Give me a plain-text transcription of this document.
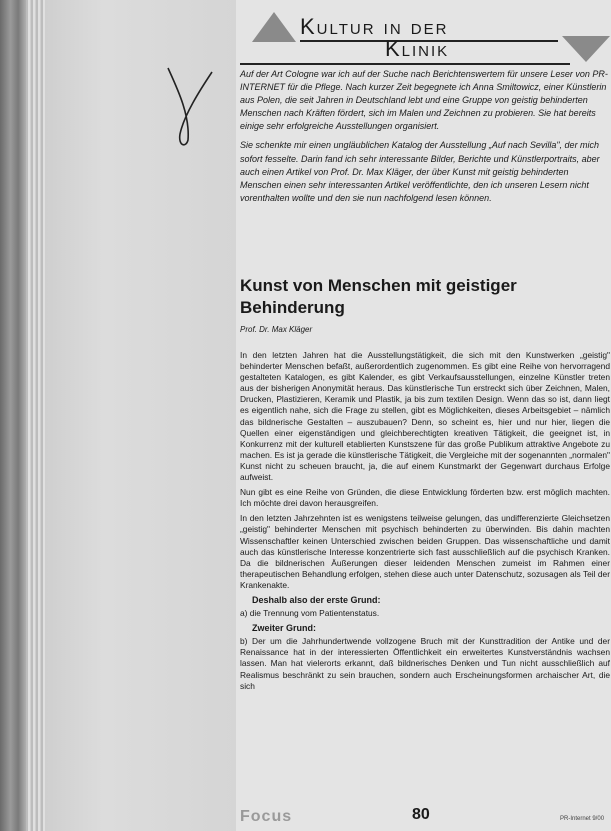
Kultur in der
Klinik

Auf der Art Cologne war ich auf der Suche nach Berichtenswertem für unsere Leser von PR-INTERNET für die Pflege. Nach kurzer Zeit begegnete ich Anna Smiltowicz, einer Künstlerin aus Polen, die seit Jahren in Deutschland lebt und eine Gruppe von geistig behinderten Menschen nach Kräften fördert, sich im Malen und Zeichnen zu probieren. Sie hat bereits einige sehr erfolgreiche Ausstellungen organisiert.

Sie schenkte mir einen ungläublichen Katalog der Ausstellung „Auf nach Sevilla", der mich sofort fesselte. Darin fand ich sehr interessante Bilder, Berichte und Künstlerportraits, aber auch einen Artikel von Prof. Dr. Max Kläger, der über Kunst mit geistig behinderten Menschen einen sehr interessanten Artikel veröffentlichte, den ich unseren Lesern nicht vorenthalten wollte und den sie nun nachfolgend lesen können.

Kunst von Menschen mit geistiger Behinderung
Prof. Dr. Max Kläger

In den letzten Jahren hat die Ausstellungstätigkeit, die sich mit den Kunstwerken „geistig" behinderter Menschen befaßt, außerordentlich zugenommen. Es gibt eine Reihe von hervorragend gestalteten Katalogen, es gibt Kalender, es gibt Verkaufsausstellungen, einzelne Künstler treten aus der bisherigen Anonymität heraus. Das künstlerische Tun erstreckt sich über Zeichnen, Malen, Drucken, Plastizieren, Keramik und Plastik, ja bis zum textilen Design. Wenn das so ist, dann liegt es eigentlich nahe, sich die Frage zu stellen, gibt es Möglichkeiten, dieses Arbeitsgebiet – nämlich das bildnerische Gestalten – auszubauen? Denn, so scheint es, hier und nur hier, liegen die Quellen einer eigenständigen und gleichberechtigten kreativen Tätigkeit, die geeignet ist, in Konkurrenz mit der kulturell etablierten Kunstszene für das große Publikum attraktive Angebote zu machen. Es ist ja gerade die künstlerische Tätigkeit, die Vergleiche mit der sogenannten „normalen" Kunst nicht zu scheuen braucht, ja, die auf einem Kunstmarkt der Gegenwart durchaus Erfolge aufweist.

Nun gibt es eine Reihe von Gründen, die diese Entwicklung förderten bzw. erst möglich machten. Ich möchte drei davon herausgreifen.

In den letzten Jahrzehnten ist es wenigstens teilweise gelungen, das undifferenzierte Gleichsetzen „geistig" behinderter Menschen mit psychisch behinderten zu überwinden. Bis dahin machten Wissenschaftler keinen Unterschied zwischen beiden Gruppen. Das wissenschaftliche und damit auch das künstlerische Interesse konzentrierte sich fast ausschließlich auf die psychisch Kranken. Da die bildnerischen Äußerungen dieser leidenden Menschen zumeist im Rahmen einer therapeutischen Behandlung erfolgen, stehen diese auch unter Datenschutz, sozusagen als Teil der Krankenakte.

Deshalb also der erste Grund:

a) die Trennung vom Patientenstatus.

Zweiter Grund:

b) Der um die Jahrhundertwende vollzogene Bruch mit der Kunsttradition der Antike und der Renaissance hat in der interessierten Öffentlichkeit ein erweitertes Kunstverständnis wachsen lassen. Man hat vielerorts erkannt, daß bildnerisches Denken und Tun nicht ausschließlich auf Realismus beschränkt zu sein brauchen, sondern auch Erscheinungsformen archaischer Art, die sich

Focus	80	PR-Internet 9/00
